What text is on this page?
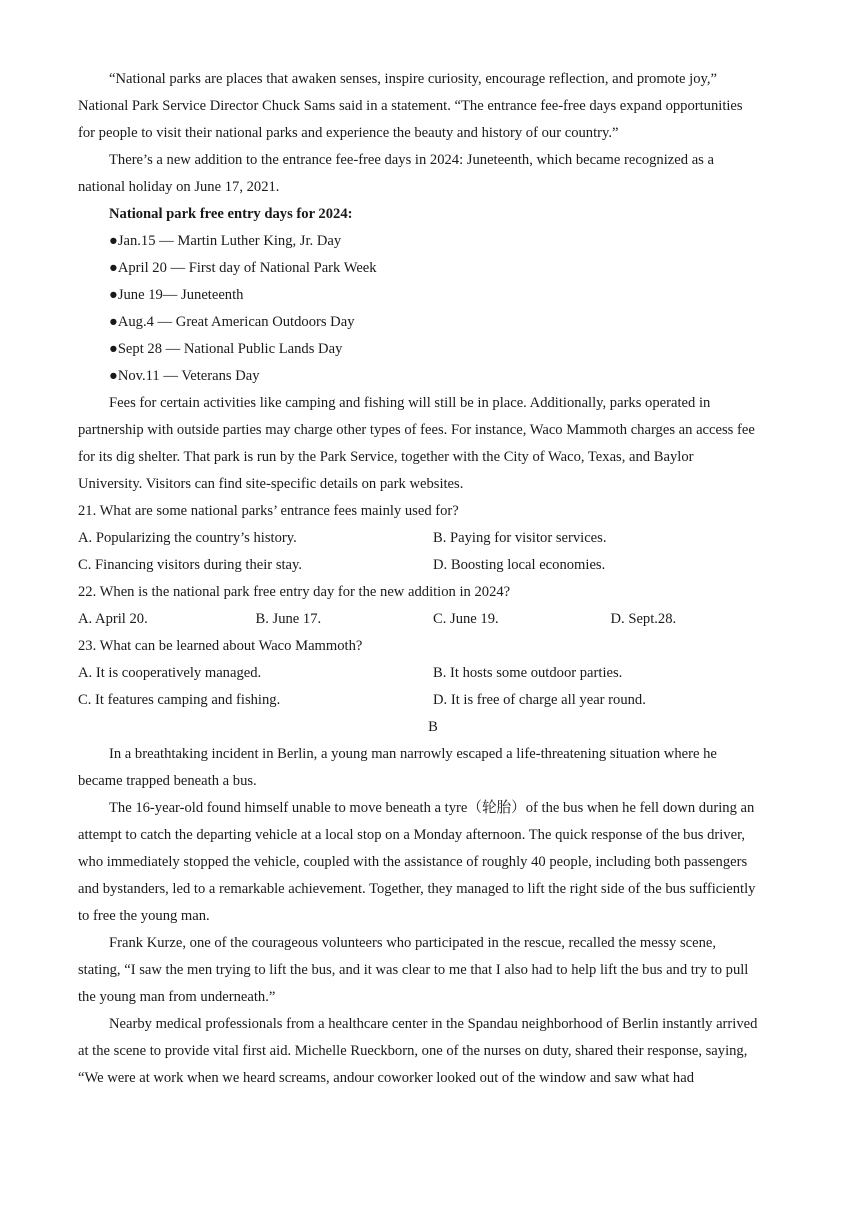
“National parks are places that awaken senses, inspire curiosity, encourage reflection, and promote joy,”
National Park Service Director Chuck Sams said in a statement. “The entrance fee-free days expand opportunities
for people to visit their national parks and experience the beauty and history of our country.”
There’s a new addition to the entrance fee-free days in 2024: Juneteenth, which became recognized as a
national holiday on June 17, 2021.
National park free entry days for 2024:
●Jan.15 — Martin Luther King, Jr. Day
●April 20 — First day of National Park Week
●June 19— Juneteenth
●Aug.4 — Great American Outdoors Day
●Sept 28 — National Public Lands Day
●Nov.11 — Veterans Day
Fees for certain activities like camping and fishing will still be in place. Additionally, parks operated in
partnership with outside parties may charge other types of fees. For instance, Waco Mammoth charges an access fee
for its dig shelter. That park is run by the Park Service, together with the City of Waco, Texas, and Baylor
University. Visitors can find site-specific details on park websites.
21. What are some national parks’ entrance fees mainly used for?
A. Popularizing the country’s history.	B. Paying for visitor services.
C. Financing visitors during their stay.	D. Boosting local economies.
22. When is the national park free entry day for the new addition in 2024?
A. April 20.	B. June 17.	C. June 19.	D. Sept.28.
23. What can be learned about Waco Mammoth?
A. It is cooperatively managed.	B. It hosts some outdoor parties.
C. It features camping and fishing.	D. It is free of charge all year round.
B
In a breathtaking incident in Berlin, a young man narrowly escaped a life-threatening situation where he
became trapped beneath a bus.
The 16-year-old found himself unable to move beneath a tyre（轮胎）of the bus when he fell down during an
attempt to catch the departing vehicle at a local stop on a Monday afternoon. The quick response of the bus driver,
who immediately stopped the vehicle, coupled with the assistance of roughly 40 people, including both passengers
and bystanders, led to a remarkable achievement. Together, they managed to lift the right side of the bus sufficiently
to free the young man.
Frank Kurze, one of the courageous volunteers who participated in the rescue, recalled the messy scene,
stating, “I saw the men trying to lift the bus, and it was clear to me that I also had to help lift the bus and try to pull
the young man from underneath.”
Nearby medical professionals from a healthcare center in the Spandau neighborhood of Berlin instantly arrived
at the scene to provide vital first aid. Michelle Rueckborn, one of the nurses on duty, shared their response, saying,
“We were at work when we heard screams, andour coworker looked out of the window and saw what had
